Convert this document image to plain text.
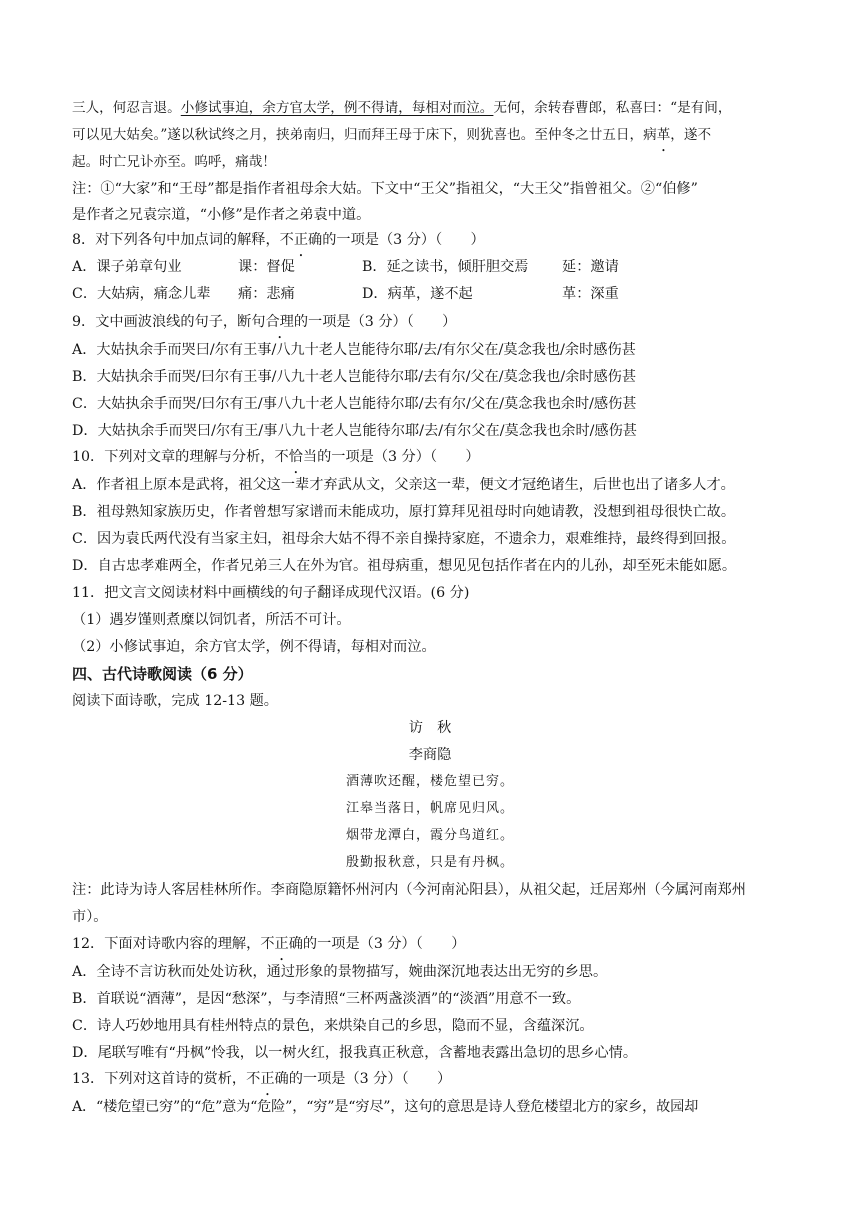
三人，何忍言退。小修试事迫，余方官太学，例不得请，每相对而泣。无何，余转春曹郎，私喜曰：“是有间，
可以见大姑矣。”遂以秋试终之月，挟弟南归，归而拜王母于床下，则犹喜也。至仲冬之廿五日，病革，遂不
起。时亡兄讣亦至。呜呼，痛哉！
注：①“大家”和“王母”都是指作者祖母余大姑。下文中“王父”指祖父，“大王父”指曾祖父。②“伯修”
是作者之兄袁宗道，“小修”是作者之弟袁中道。
8．对下列各句中加点词的解释，不正确的一项是（3 分）（　　）
A．课子弟章句业	课：督促	B．延之读书，倾肝胆交焉 延：邀请
C．大姑病，痛念儿辈 痛：悲痛	D．病革，遂不起	革：深重
9．文中画波浪线的句子，断句合理的一项是（3 分）（　　）
A．大姑执余手而哭曰/尔有王事/八九十老人岂能待尔耶/去/有尔父在/莫念我也/余时感伤甚
B．大姑执余手而哭/曰尔有王事/八九十老人岂能待尔耶/去有尔/父在/莫念我也/余时感伤甚
C．大姑执余手而哭/曰尔有王/事八九十老人岂能待尔耶/去有尔/父在/莫念我也余时/感伤甚
D．大姑执余手而哭曰/尔有王/事八九十老人岂能待尔耶/去/有尔父在/莫念我也余时/感伤甚
10．下列对文章的理解与分析，不恰当的一项是（3 分）（　　）
A．作者祖上原本是武将，祖父这一辈才弃武从文，父亲这一辈，便文才冠绝诸生，后世也出了诸多人才。
B．祖母熟知家族历史，作者曾想写家谱而未能成功，原打算拜见祖母时向她请教，没想到祖母很快亡故。
C．因为袁氏两代没有当家主妇，祖母余大姑不得不亲自操持家庭，不遗余力，艰难维持，最终得到回报。
D．自古忠孝难两全，作者兄弟三人在外为官。祖母病重，想见见包括作者在内的儿孙，却至死未能如愿。
11．把文言文阅读材料中画横线的句子翻译成现代汉语。(6 分)
（1）遇岁馑则煮糜以饲饥者，所活不可计。
（2）小修试事迫，余方官太学，例不得请，每相对而泣。
四、古代诗歌阅读（6 分）
阅读下面诗歌，完成 12-13 题。
访　秋
李商隐
酒薄吹还醒，楼危望已穷。
江皋当落日，帆席见归风。
烟带龙潭白，霞分鸟道红。
殷勤报秋意，只是有丹枫。
注：此诗为诗人客居桂林所作。李商隐原籍怀州河内（今河南沁阳县），从祖父起，迁居郑州（今属河南郑州
市）。
12．下面对诗歌内容的理解，不正确的一项是（3 分）（　　）
A．全诗不言访秋而处处访秋，通过形象的景物描写，婉曲深沉地表达出无穷的乡思。
B．首联说“酒薄”，是因“愁深”，与李清照“三杯两盏淡酒”的“淡酒”用意不一致。
C．诗人巧妙地用具有桂州特点的景色，来烘染自己的乡思，隐而不显，含蕴深沉。
D．尾联写唯有“丹枫”怜我，以一树火红，报我真正秋意，含蓄地表露出急切的思乡心情。
13．下列对这首诗的赏析，不正确的一项是（3 分）（　　）
A．“楼危望已穷”的“危”意为“危险”，“穷”是“穷尽”，这句的意思是诗人登危楼望北方的家乡，故园却
